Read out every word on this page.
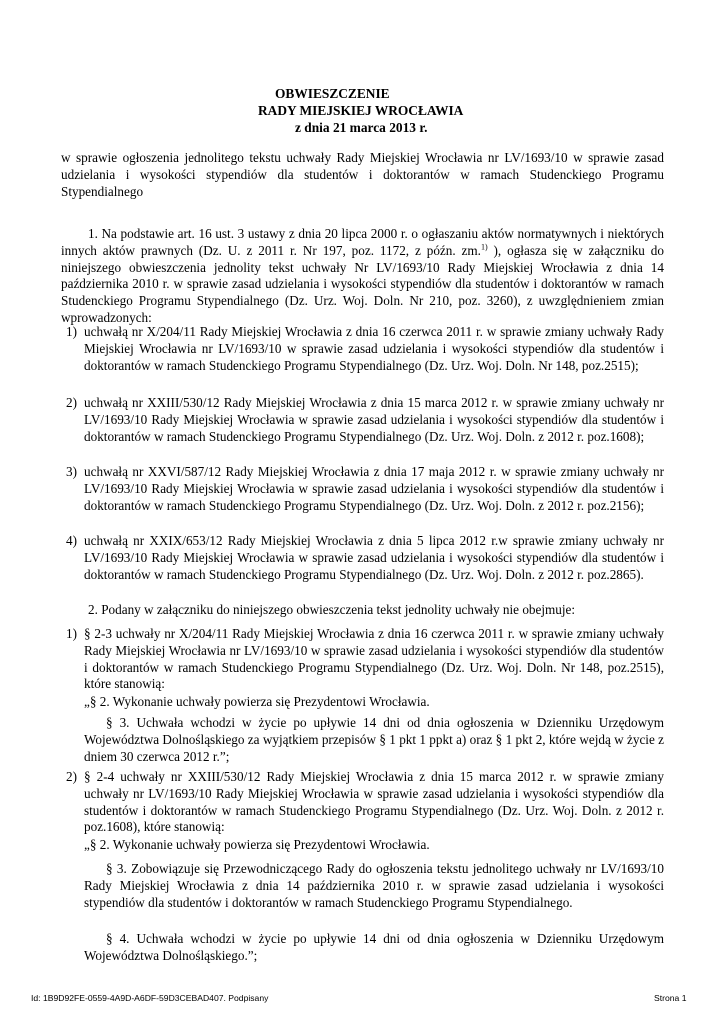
OBWIESZCZENIE
RADY MIEJSKIEJ WROCŁAWIA
z dnia 21 marca 2013 r.
w sprawie ogłoszenia jednolitego tekstu uchwały Rady Miejskiej Wrocławia nr LV/1693/10 w sprawie zasad udzielania i wysokości stypendiów dla studentów i doktorantów w ramach Studenckiego Programu Stypendialnego
1. Na podstawie art. 16 ust. 3 ustawy z dnia 20 lipca 2000 r. o ogłaszaniu aktów normatywnych i niektórych innych aktów prawnych (Dz. U. z 2011 r. Nr 197, poz. 1172, z późn. zm.$^{1)}$ ), ogłasza się w załączniku do niniejszego obwieszczenia jednolity tekst uchwały Nr LV/1693/10 Rady Miejskiej Wrocławia z dnia 14 października 2010 r. w sprawie zasad udzielania i wysokości stypendiów dla studentów i doktorantów w ramach Studenckiego Programu Stypendialnego (Dz. Urz. Woj. Doln. Nr 210, poz. 3260), z uwzględnieniem zmian wprowadzonych:
1) uchwałą nr X/204/11 Rady Miejskiej Wrocławia z dnia 16 czerwca 2011 r. w sprawie zmiany uchwały Rady Miejskiej Wrocławia nr LV/1693/10 w sprawie zasad udzielania i wysokości stypendiów dla studentów i doktorantów w ramach Studenckiego Programu Stypendialnego (Dz. Urz. Woj. Doln. Nr 148, poz.2515);
2) uchwałą nr XXIII/530/12 Rady Miejskiej Wrocławia z dnia 15 marca 2012 r. w sprawie zmiany uchwały nr LV/1693/10 Rady Miejskiej Wrocławia w sprawie zasad udzielania i wysokości stypendiów dla studentów i doktorantów w ramach Studenckiego Programu Stypendialnego (Dz. Urz. Woj. Doln. z 2012 r. poz.1608);
3) uchwałą nr XXVI/587/12 Rady Miejskiej Wrocławia z dnia 17 maja 2012 r. w sprawie zmiany uchwały nr LV/1693/10 Rady Miejskiej Wrocławia w sprawie zasad udzielania i wysokości stypendiów dla studentów i doktorantów w ramach Studenckiego Programu Stypendialnego (Dz. Urz. Woj. Doln. z 2012 r. poz.2156);
4) uchwałą nr XXIX/653/12 Rady Miejskiej Wrocławia z dnia 5 lipca 2012 r.w sprawie zmiany uchwały nr LV/1693/10 Rady Miejskiej Wrocławia w sprawie zasad udzielania i wysokości stypendiów dla studentów i doktorantów w ramach Studenckiego Programu Stypendialnego (Dz. Urz. Woj. Doln. z 2012 r. poz.2865).
2. Podany w załączniku do niniejszego obwieszczenia tekst jednolity uchwały nie obejmuje:
1) § 2-3 uchwały nr X/204/11 Rady Miejskiej Wrocławia z dnia 16 czerwca 2011 r. w sprawie zmiany uchwały Rady Miejskiej Wrocławia nr LV/1693/10 w sprawie zasad udzielania i wysokości stypendiów dla studentów i doktorantów w ramach Studenckiego Programu Stypendialnego (Dz. Urz. Woj. Doln. Nr 148, poz.2515), które stanowią:
„§ 2. Wykonanie uchwały powierza się Prezydentowi Wrocławia.
§ 3. Uchwała wchodzi w życie po upływie 14 dni od dnia ogłoszenia w Dzienniku Urzędowym Województwa Dolnośląskiego za wyjątkiem przepisów § 1 pkt 1 ppkt a) oraz § 1 pkt 2, które wejdą w życie z dniem 30 czerwca 2012 r.”;
2) § 2-4 uchwały nr XXIII/530/12 Rady Miejskiej Wrocławia z dnia 15 marca 2012 r. w sprawie zmiany uchwały nr LV/1693/10 Rady Miejskiej Wrocławia w sprawie zasad udzielania i wysokości stypendiów dla studentów i doktorantów w ramach Studenckiego Programu Stypendialnego (Dz. Urz. Woj. Doln. z 2012 r. poz.1608), które stanowią:
„§ 2. Wykonanie uchwały powierza się Prezydentowi Wrocławia.
§ 3. Zobowiązuje się Przewodniczącego Rady do ogłoszenia tekstu jednolitego uchwały nr LV/1693/10 Rady Miejskiej Wrocławia z dnia 14 października 2010 r. w sprawie zasad udzielania i wysokości stypendiów dla studentów i doktorantów w ramach Studenckiego Programu Stypendialnego.
§ 4. Uchwała wchodzi w życie po upływie 14 dni od dnia ogłoszenia w Dzienniku Urzędowym Województwa Dolnośląskiego.”;
Id: 1B9D92FE-0559-4A9D-A6DF-59D3CEBAD407. Podpisany	Strona 1
